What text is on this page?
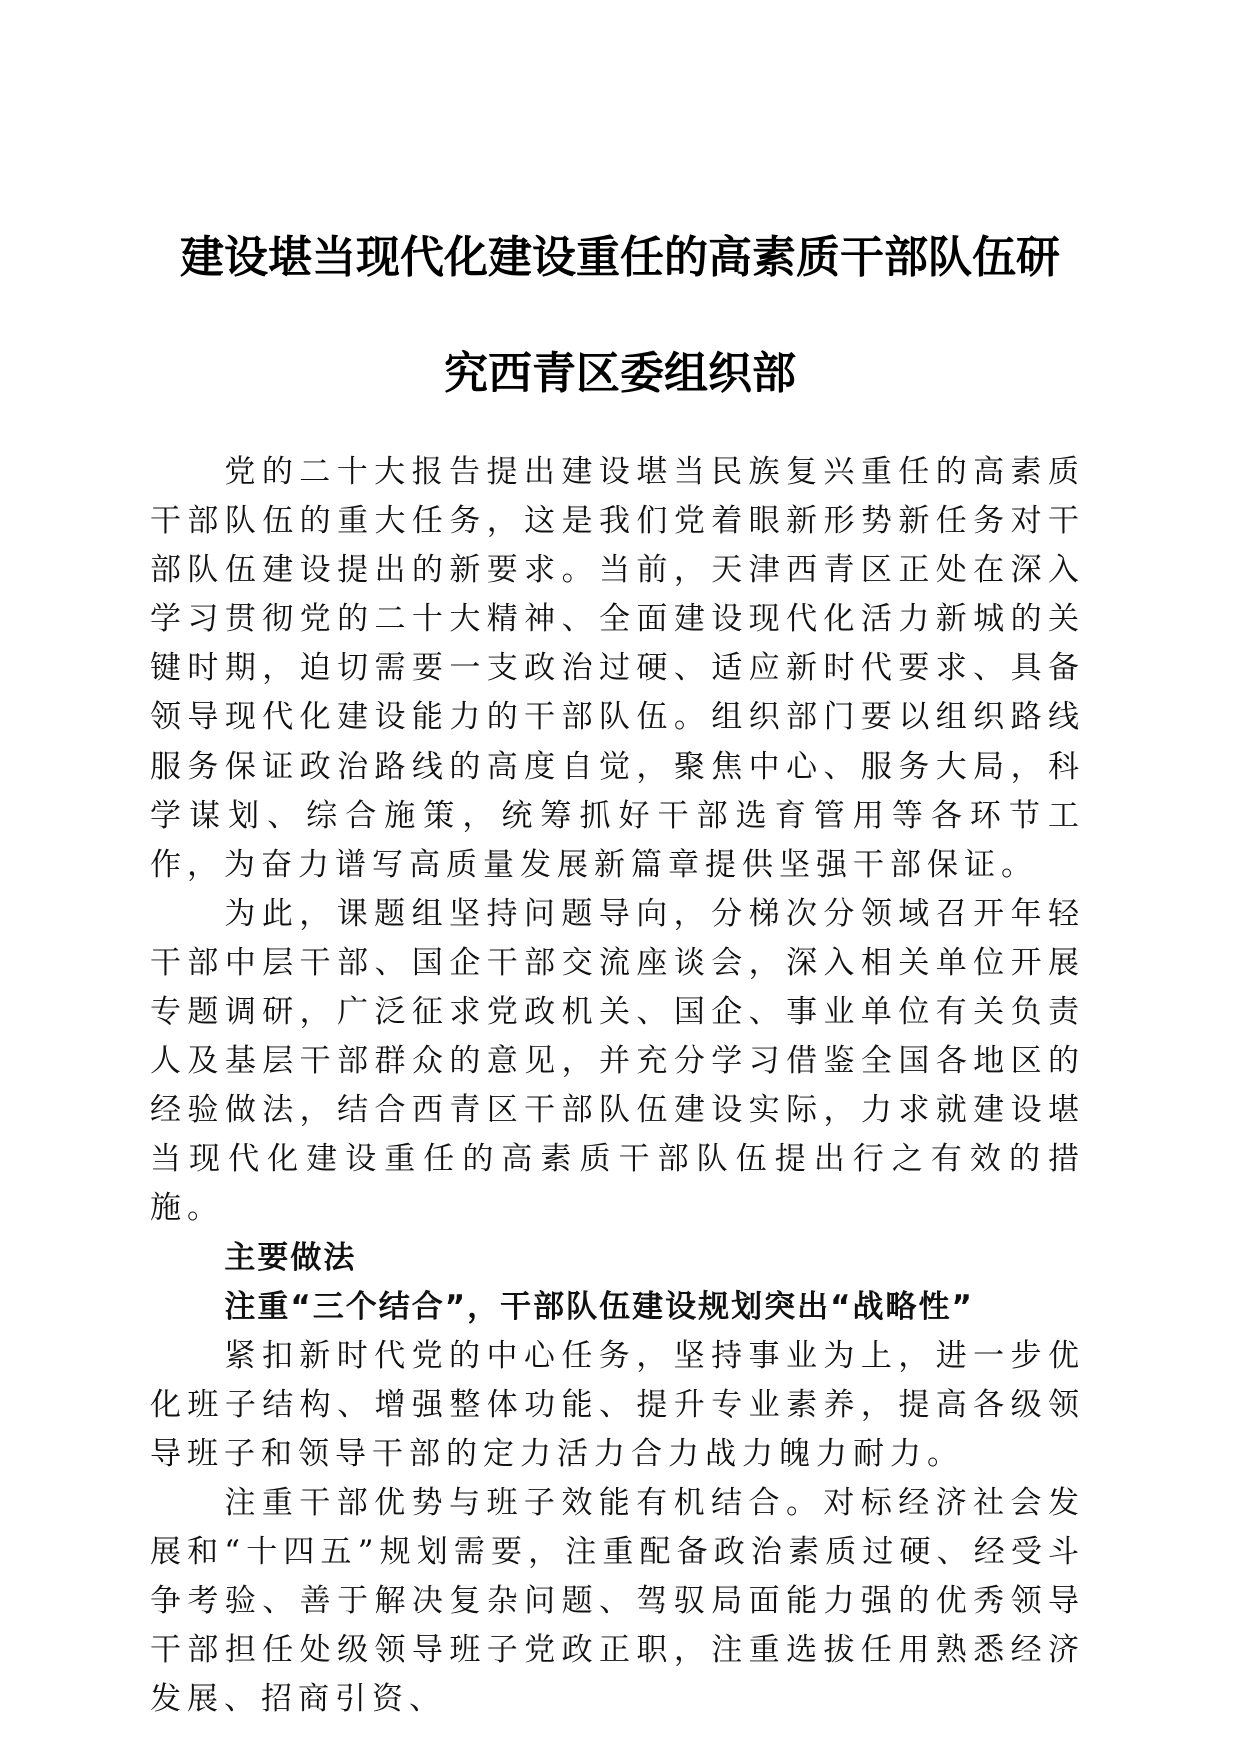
建设堪当现代化建设重任的高素质干部队伍研
究西青区委组织部

党的二十大报告提出建设堪当民族复兴重任的高素质干部队伍的重大任务，这是我们党着眼新形势新任务对干部队伍建设提出的新要求。当前，天津西青区正处在深入学习贯彻党的二十大精神、全面建设现代化活力新城的关键时期，迫切需要一支政治过硬、适应新时代要求、具备领导现代化建设能力的干部队伍。组织部门要以组织路线服务保证政治路线的高度自觉，聚焦中心、服务大局，科学谋划、综合施策，统筹抓好干部选育管用等各环节工作，为奋力谱写高质量发展新篇章提供坚强干部保证。

为此，课题组坚持问题导向，分梯次分领域召开年轻干部中层干部、国企干部交流座谈会，深入相关单位开展专题调研，广泛征求党政机关、国企、事业单位有关负责人及基层干部群众的意见，并充分学习借鉴全国各地区的经验做法，结合西青区干部队伍建设实际，力求就建设堪当现代化建设重任的高素质干部队伍提出行之有效的措施。

主要做法

注重“三个结合”，干部队伍建设规划突出“战略性”

紧扣新时代党的中心任务，坚持事业为上，进一步优化班子结构、增强整体功能、提升专业素养，提高各级领导班子和领导干部的定力活力合力战力魄力耐力。

注重干部优势与班子效能有机结合。对标经济社会发展和“十四五”规划需要，注重配备政治素质过硬、经受斗争考验、善于解决复杂问题、驾驭局面能力强的优秀领导干部担任处级领导班子党政正职，注重选拔任用熟悉经济发展、招商引资、
